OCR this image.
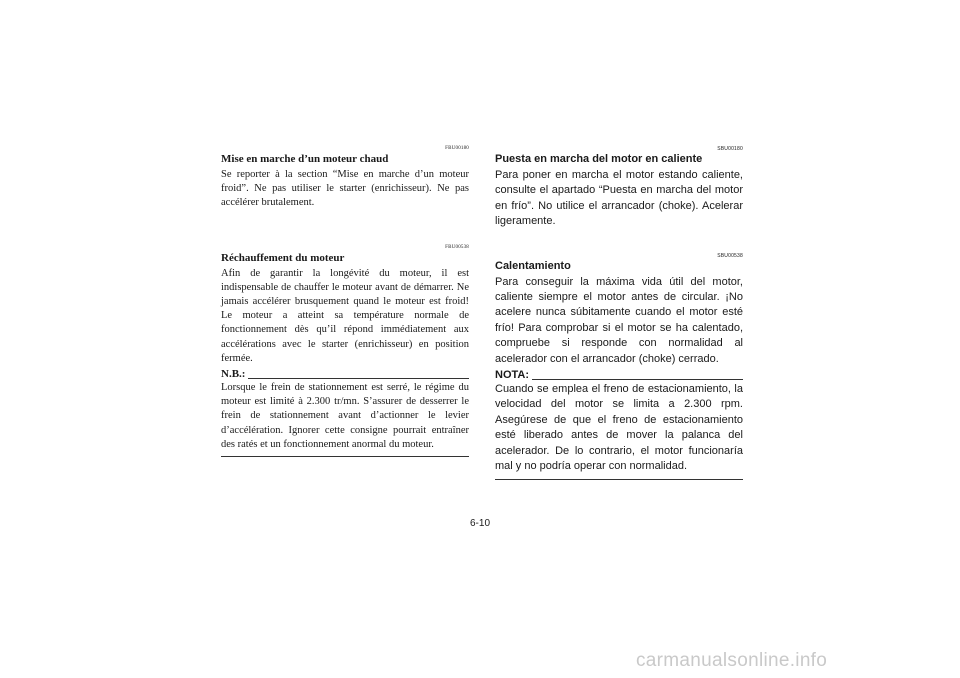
FBU00180
Mise en marche d’un moteur chaud

Se reporter à la section “Mise en marche d’un moteur froid”. Ne pas utiliser le starter (enrichisseur). Ne pas accélérer brutalement.

FBU00538
Réchauffement du moteur

Afin de garantir la longévité du moteur, il est indispensable de chauffer le moteur avant de démarrer. Ne jamais accélérer brusquement quand le moteur est froid! Le moteur a atteint sa température normale de fonctionnement dès qu’il répond immédiatement aux accélérations avec le starter (enrichisseur) en position fermée.

N.B.:

Lorsque le frein de stationnement est serré, le régime du moteur est limité à 2.300 tr/mn. S’assurer de desserrer le frein de stationnement avant d’actionner le levier d’accélération. Ignorer cette consigne pourrait entraîner des ratés et un fonctionnement anormal du moteur.

SBU00180
Puesta en marcha del motor en caliente

Para poner en marcha el motor estando caliente, consulte el apartado “Puesta en marcha del motor en frío”. No utilice el arrancador (choke). Acelerar ligeramente.

SBU00538
Calentamiento

Para conseguir la máxima vida útil del motor, caliente siempre el motor antes de circular. ¡No acelere nunca súbitamente cuando el motor esté frío! Para comprobar si el motor se ha calentado, compruebe si responde con normalidad al acelerador con el arrancador (choke) cerrado.

NOTA:

Cuando se emplea el freno de estacionamiento, la velocidad del motor se limita a 2.300 rpm. Asegúrese de que el freno de estacionamiento esté liberado antes de mover la palanca del acelerador. De lo contrario, el motor funcionaría mal y no podría operar con normalidad.

6-10
carmanualsonline.info
